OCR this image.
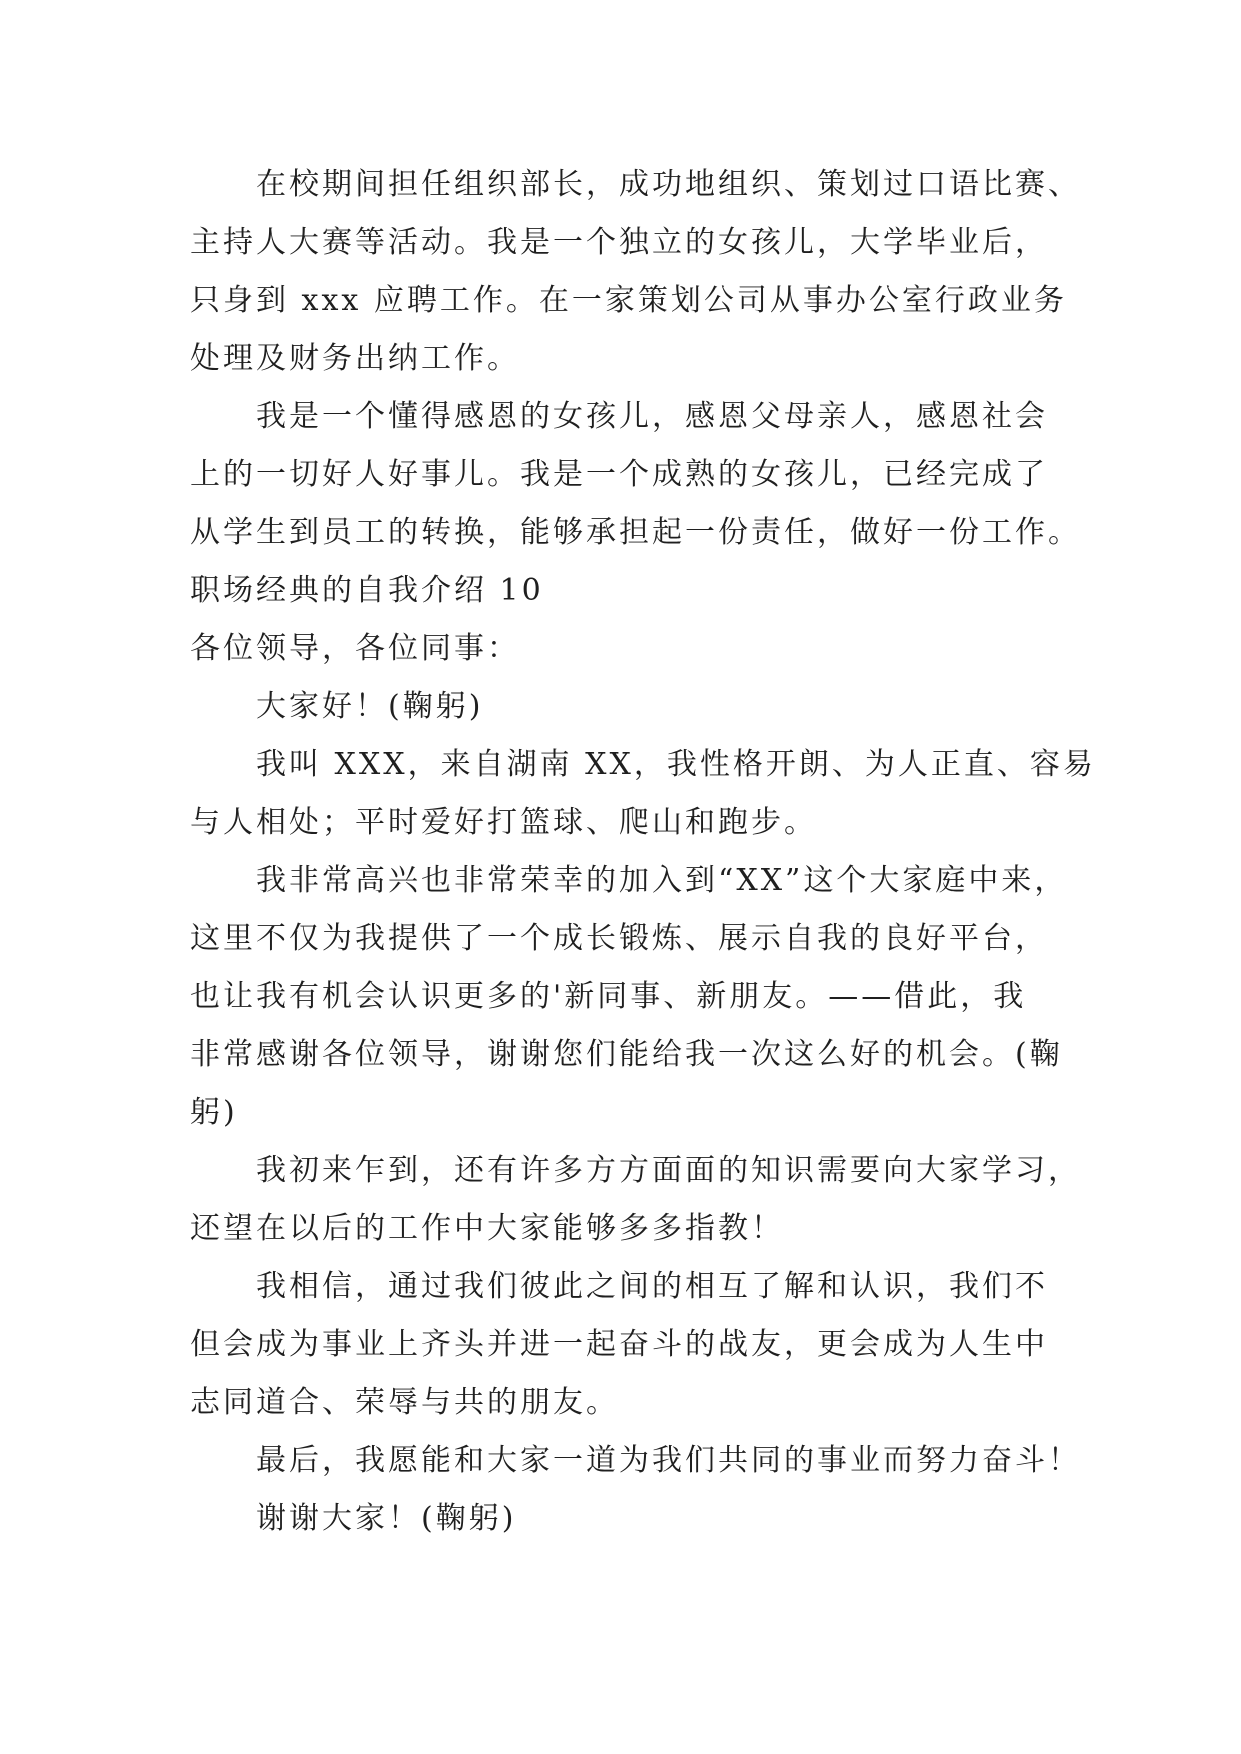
在校期间担任组织部长，成功地组织、策划过口语比赛、
主持人大赛等活动。我是一个独立的女孩儿，大学毕业后，
只身到 xxx 应聘工作。在一家策划公司从事办公室行政业务
处理及财务出纳工作。
我是一个懂得感恩的女孩儿，感恩父母亲人，感恩社会
上的一切好人好事儿。我是一个成熟的女孩儿，已经完成了
从学生到员工的转换，能够承担起一份责任，做好一份工作。
职场经典的自我介绍 10
各位领导，各位同事：
大家好！(鞠躬)
我叫 XXX，来自湖南 XX，我性格开朗、为人正直、容易
与人相处；平时爱好打篮球、爬山和跑步。
我非常高兴也非常荣幸的加入到“XX”这个大家庭中来，
这里不仅为我提供了一个成长锻炼、展示自我的良好平台，
也让我有机会认识更多的'新同事、新朋友。——借此，我
非常感谢各位领导，谢谢您们能给我一次这么好的机会。(鞠
躬)
我初来乍到，还有许多方方面面的知识需要向大家学习，
还望在以后的工作中大家能够多多指教！
我相信，通过我们彼此之间的相互了解和认识，我们不
但会成为事业上齐头并进一起奋斗的战友，更会成为人生中
志同道合、荣辱与共的朋友。
最后，我愿能和大家一道为我们共同的事业而努力奋斗！
谢谢大家！(鞠躬)
